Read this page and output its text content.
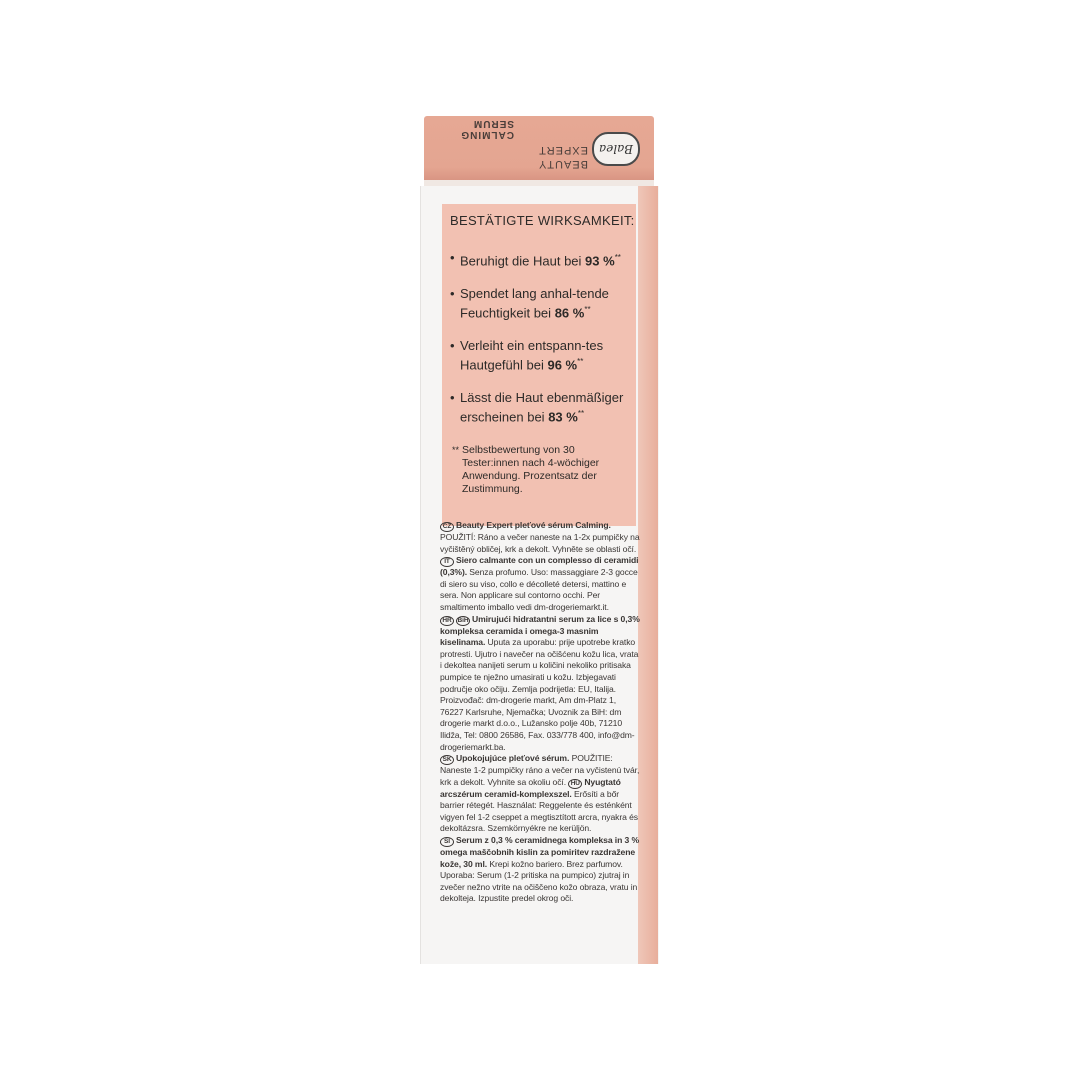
Balea
BEAUTY
EXPERT
CALMING SERUM
BESTÄTIGTE WIRKSAMKEIT:
• Beruhigt die Haut bei 93 %**
• Spendet lang anhal-tende Feuchtigkeit bei 86 %**
• Verleiht ein entspann-tes Hautgefühl bei 96 %**
• Lässt die Haut ebenmäßiger erscheinen bei 83 %**
** Selbstbewertung von 30 Tester:innen nach 4-wöchiger Anwendung. Prozentsatz der Zustimmung.

CZ Beauty Expert pleťové sérum Calming. POUŽITÍ: Ráno a večer naneste na 1-2x pumpičky na vyčištěný obličej, krk a dekolt. Vyhněte se oblasti očí. IT Siero calmante con un complesso di ceramidi (0,3%). Senza profumo. Uso: massaggiare 2-3 gocce di siero su viso, collo e décolleté detersi, mattino e sera. Non applicare sul contorno occhi. Per smaltimento imballo vedi dm-drogeriemarkt.it.

HR BiH Umirujući hidratantni serum za lice s 0,3% kompleksa ceramida i omega-3 masnim kiselinama. Uputa za uporabu: prije upotrebe kratko protresti. Ujutro i navečer na očišćenu kožu lica, vrata i dekoltea nanijeti serum u količini nekoliko pritisaka pumpice te nježno umasirati u kožu. Izbjegavati područje oko očiju. Zemlja podrijetla: EU, Italija. Proizvođač: dm-drogerie markt, Am dm-Platz 1, 76227 Karlsruhe, Njemačka; Uvoznik za BiH: dm drogerie markt d.o.o., Lužansko polje 40b, 71210 Ilidža, Tel: 0800 26586, Fax. 033/778 400, info@dm-drogeriemarkt.ba.

SK Upokojujúce pleťové sérum. POUŽITIE: Naneste 1-2 pumpičky ráno a večer na vyčistenú tvár, krk a dekolt. Vyhnite sa okoliu očí. HU Nyugtató arcszérum ceramid-komplexszel. Erősíti a bőr barrier rétegét. Használat: Reggelente és esténként vigyen fel 1-2 cseppet a megtisztított arcra, nyakra és dekoltázsra. Szemkörnyékre ne kerüljön.

SI Serum z 0,3 % ceramidnega kompleksa in 3 % omega maščobnih kislin za pomiritev razdražene kože, 30 ml. Krepi kožno bariero. Brez parfumov. Uporaba: Serum (1-2 pritiska na pumpico) zjutraj in zvečer nežno vtrite na očiščeno kožo obraza, vratu in dekolteja. Izpustite predel okrog oči.
